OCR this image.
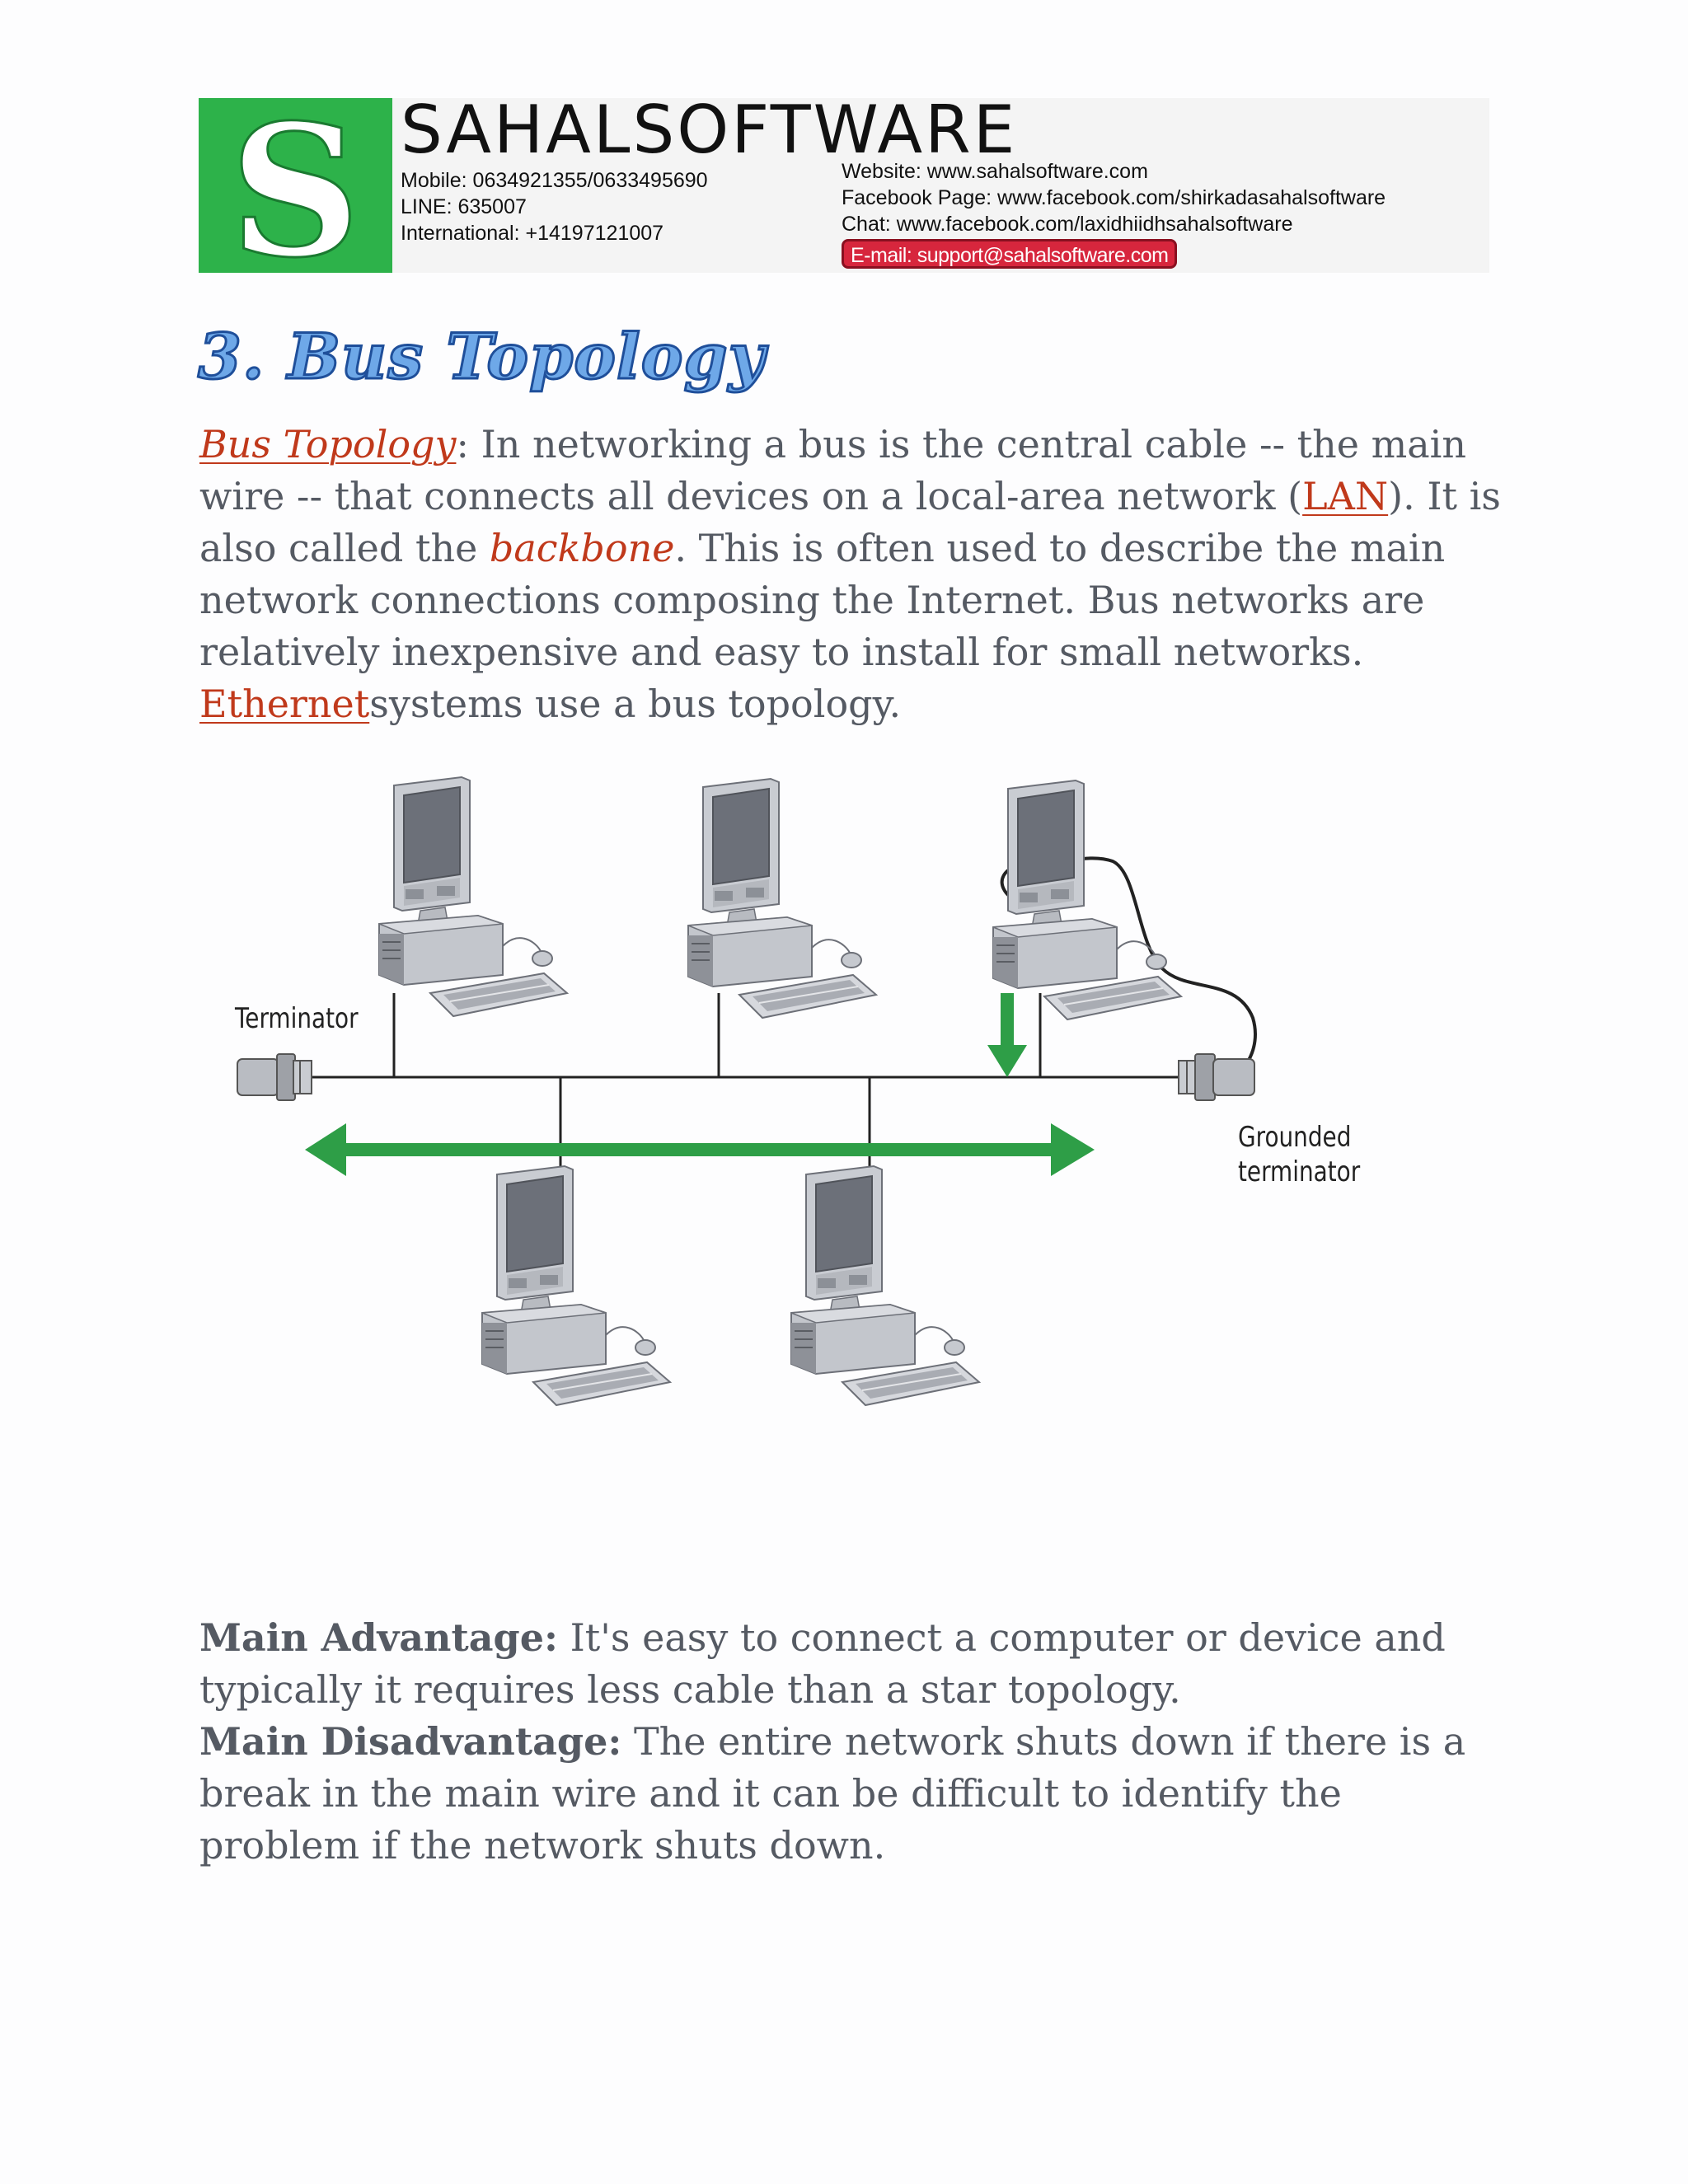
S SAHALSOFTWARE
Mobile: 0634921355/0633495690
LINE: 635007
International: +14197121007
Website: www.sahalsoftware.com
Facebook Page: www.facebook.com/shirkadasahalsoftware
Chat: www.facebook.com/laxidhiidhsahalsoftware
E-mail: support@sahalsoftware.com
3. Bus Topology

Bus Topology: In networking a bus is the central cable -- the main wire -- that connects all devices on a local-area network (LAN). It is also called the backbone. This is often used to describe the main network connections composing the Internet. Bus networks are relatively inexpensive and easy to install for small networks. Ethernetsystems use a bus topology.

Terminator
Grounded
terminator

Main Advantage: It's easy to connect a computer or device and typically it requires less cable than a star topology.

Main Disadvantage: The entire network shuts down if there is a break in the main wire and it can be difficult to identify the problem if the network shuts down.
